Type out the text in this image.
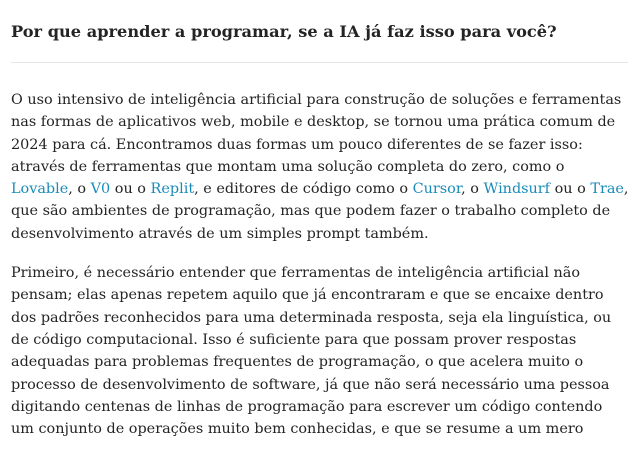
Por que aprender a programar, se a IA já faz isso para você?

O uso intensivo de inteligência artificial para construção de soluções e ferramentas
nas formas de aplicativos web, mobile e desktop, se tornou uma prática comum de
2024 para cá. Encontramos duas formas um pouco diferentes de se fazer isso:
através de ferramentas que montam uma solução completa do zero, como o
Lovable, o V0 ou o Replit, e editores de código como o Cursor, o Windsurf ou o Trae,
que são ambientes de programação, mas que podem fazer o trabalho completo de
desenvolvimento através de um simples prompt também.

Primeiro, é necessário entender que ferramentas de inteligência artificial não
pensam; elas apenas repetem aquilo que já encontraram e que se encaixe dentro
dos padrões reconhecidos para uma determinada resposta, seja ela linguística, ou
de código computacional. Isso é suficiente para que possam prover respostas
adequadas para problemas frequentes de programação, o que acelera muito o
processo de desenvolvimento de software, já que não será necessário uma pessoa
digitando centenas de linhas de programação para escrever um código contendo
um conjunto de operações muito bem conhecidas, e que se resume a um mero
